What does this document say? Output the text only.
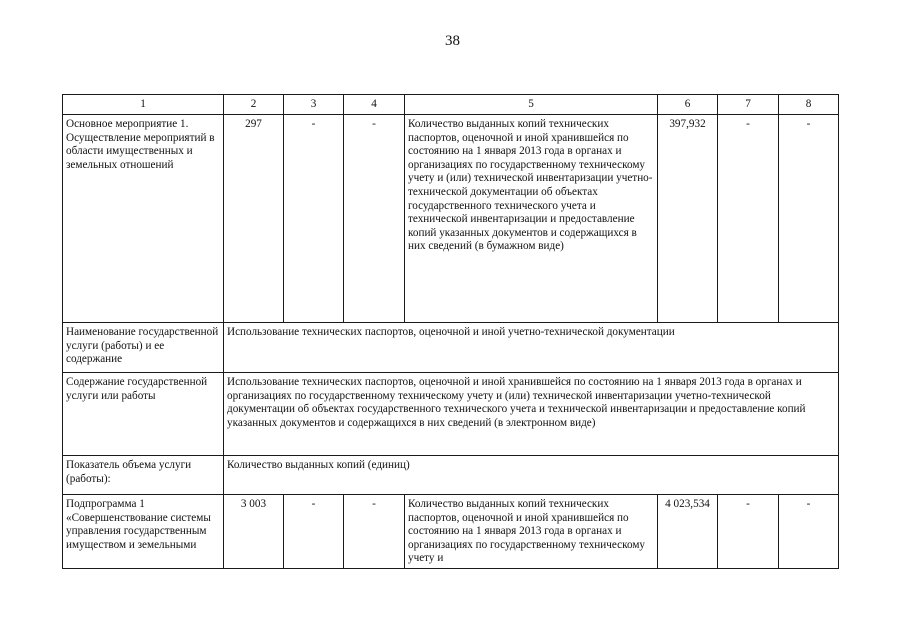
38
1	2	3	4	5	6	7	8
Основное мероприятие 1. Осуществление мероприятий в области имущественных и земельных отношений	297	-	-	Количество выданных копий технических паспортов, оценочной и иной хранившейся по состоянию на 1 января 2013 года в органах и организациях по государственному техническому учету и (или) технической инвентаризации учетно-технической документации об объектах государственного технического учета и технической инвентаризации и предоставление копий указанных документов и содержащихся в них сведений (в бумажном виде)	397,932	-	-
Наименование государственной услуги (работы) и ее содержание	Использование технических паспортов, оценочной и иной учетно-технической документации						
Содержание государственной услуги или работы	Использование технических паспортов, оценочной и иной хранившейся по состоянию на 1 января 2013 года в органах и организациях по государственному техническому учету и (или) технической инвентаризации учетно-технической документации об объектах государственного технического учета и технической инвентаризации и предоставление копий указанных документов и содержащихся в них сведений (в электронном виде)						
Показатель объема услуги (работы):	Количество выданных копий (единиц)						
Подпрограмма 1 «Совершенствование системы управления государственным имуществом и земельными	3 003	-	-	Количество выданных копий технических паспортов, оценочной и иной хранившейся по состоянию на 1 января 2013 года в органах и организациях по государственному техническому учету и	4 023,534	-	-
